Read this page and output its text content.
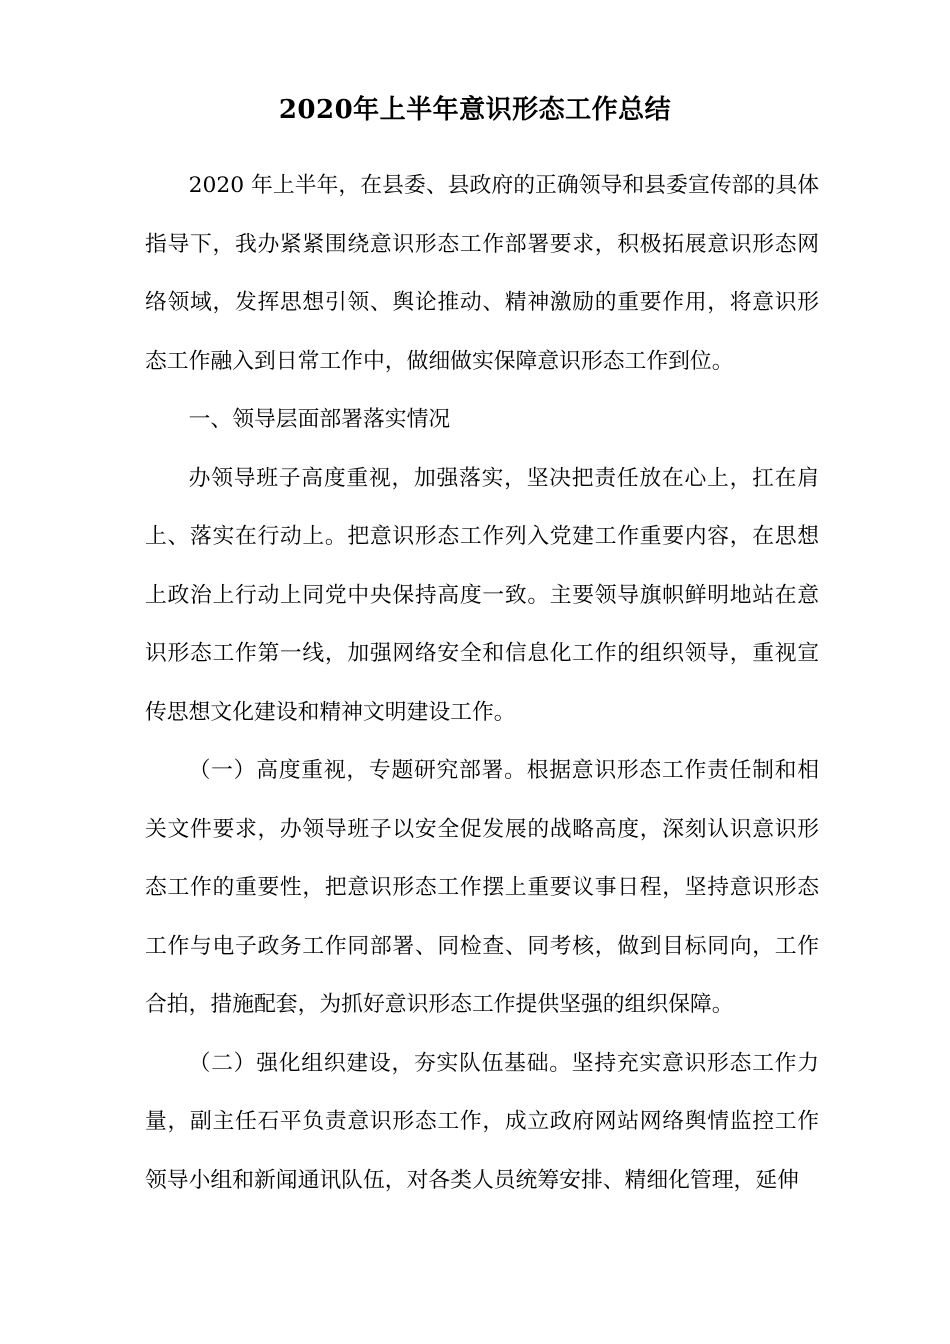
2020年上半年意识形态工作总结

2020 年上半年，在县委、县政府的正确领导和县委宣传部的具体指导下，我办紧紧围绕意识形态工作部署要求，积极拓展意识形态网络领域，发挥思想引领、舆论推动、精神激励的重要作用，将意识形态工作融入到日常工作中，做细做实保障意识形态工作到位。

一、领导层面部署落实情况

办领导班子高度重视，加强落实，坚决把责任放在心上，扛在肩上、落实在行动上。把意识形态工作列入党建工作重要内容，在思想上政治上行动上同党中央保持高度一致。主要领导旗帜鲜明地站在意识形态工作第一线，加强网络安全和信息化工作的组织领导，重视宣传思想文化建设和精神文明建设工作。

（一）高度重视，专题研究部署。根据意识形态工作责任制和相关文件要求，办领导班子以安全促发展的战略高度，深刻认识意识形态工作的重要性，把意识形态工作摆上重要议事日程，坚持意识形态工作与电子政务工作同部署、同检查、同考核，做到目标同向，工作合拍，措施配套，为抓好意识形态工作提供坚强的组织保障。

（二）强化组织建设，夯实队伍基础。坚持充实意识形态工作力量，副主任石平负责意识形态工作，成立政府网站网络舆情监控工作领导小组和新闻通讯队伍，对各类人员统筹安排、精细化管理，延伸
